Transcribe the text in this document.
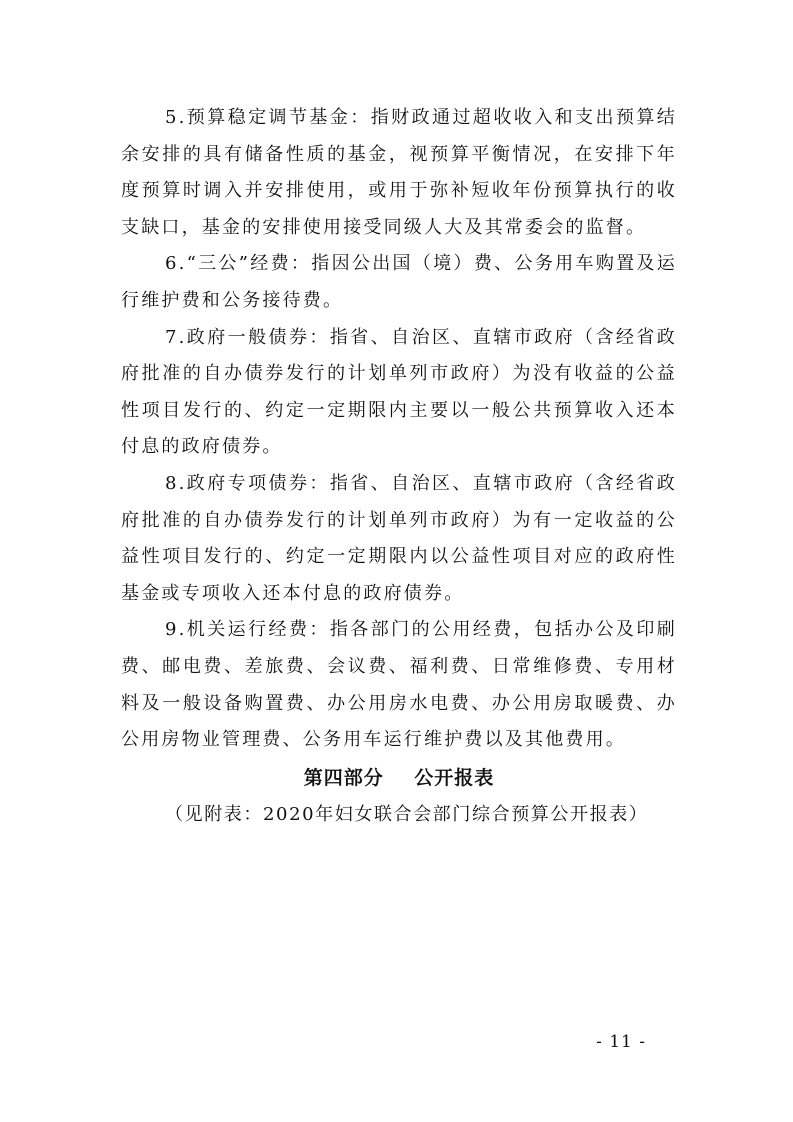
5.预算稳定调节基金：指财政通过超收收入和支出预算结余安排的具有储备性质的基金，视预算平衡情况，在安排下年度预算时调入并安排使用，或用于弥补短收年份预算执行的收支缺口，基金的安排使用接受同级人大及其常委会的监督。

6.“三公”经费：指因公出国（境）费、公务用车购置及运行维护费和公务接待费。

7.政府一般债券：指省、自治区、直辖市政府（含经省政府批准的自办债券发行的计划单列市政府）为没有收益的公益性项目发行的、约定一定期限内主要以一般公共预算收入还本付息的政府债券。

8.政府专项债券：指省、自治区、直辖市政府（含经省政府批准的自办债券发行的计划单列市政府）为有一定收益的公益性项目发行的、约定一定期限内以公益性项目对应的政府性基金或专项收入还本付息的政府债券。

9.机关运行经费：指各部门的公用经费，包括办公及印刷费、邮电费、差旅费、会议费、福利费、日常维修费、专用材料及一般设备购置费、办公用房水电费、办公用房取暖费、办公用房物业管理费、公务用车运行维护费以及其他费用。

第四部分    公开报表

（见附表：2020年妇女联合会部门综合预算公开报表）

- 11 -
